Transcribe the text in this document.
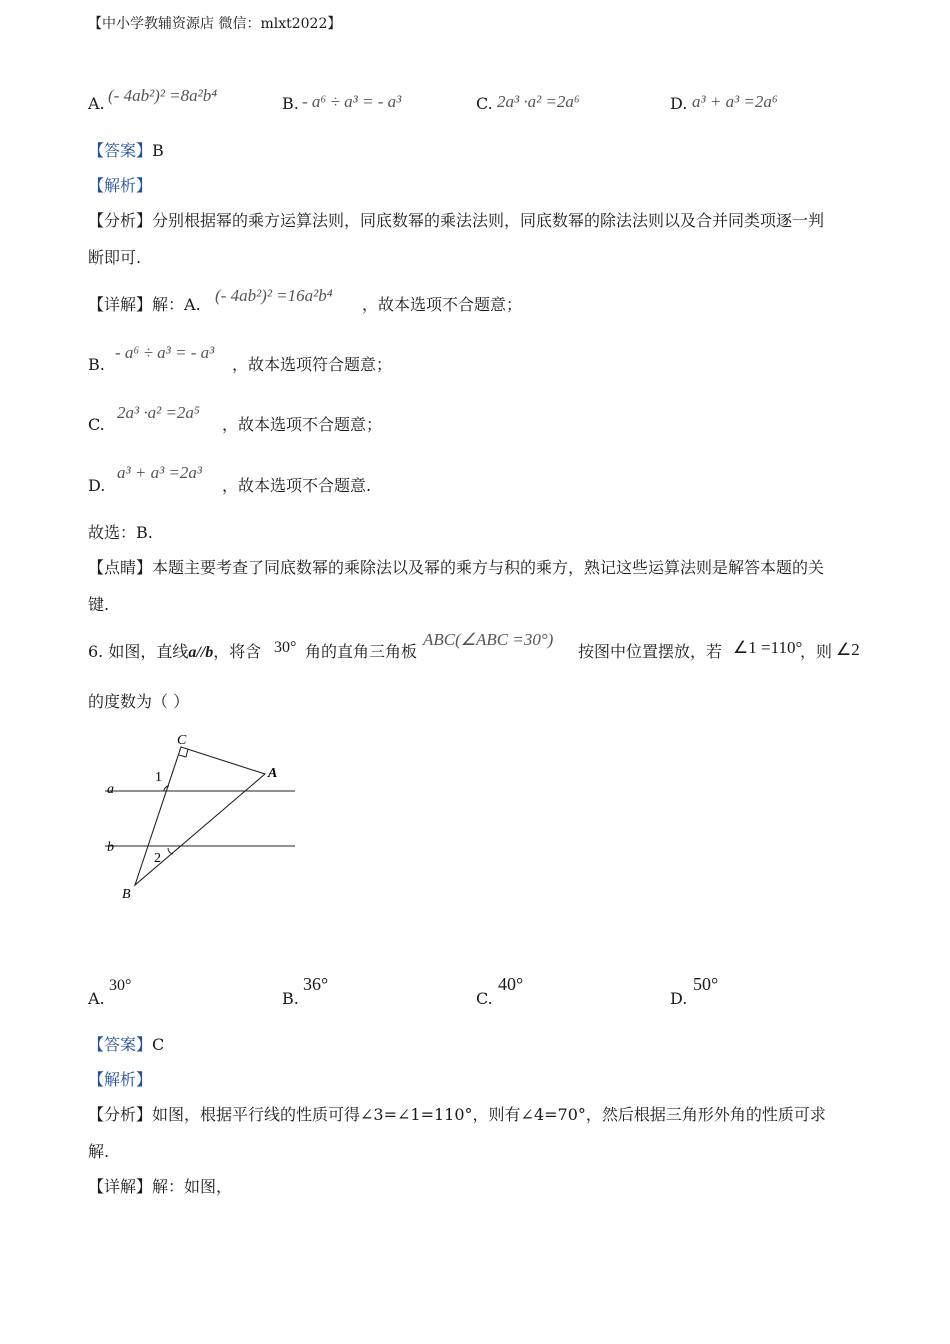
【中小学教辅资源店 微信：mlxt2022】
A. (- 4ab²)² =8a²b⁴	B. - a⁶ ÷ a³ = - a³	C. 2a³ ·a² =2a⁶	D. a³ + a³ =2a⁶
【答案】B
【解析】
【分析】分别根据幂的乘方运算法则，同底数幂的乘法法则，同底数幂的除法法则以及合并同类项逐一判
断即可.
【详解】解：A. (- 4ab²)² =16a²b⁴ ，故本选项不合题意；
B.
- a⁶ ÷ a³ = - a³
，故本选项符合题意；
C.
2a³ ·a² =2a⁵
，故本选项不合题意；
D.
a³ + a³ =2a³
，故本选项不合题意.
故选：B.
【点睛】本题主要考查了同底数幂的乘除法以及幂的乘方与积的乘方，熟记这些运算法则是解答本题的关
键.
6. 如图，直线a//b，将含 30° 角的直角三角板
ABC(∠ABC =30°)
按图中位置摆放，若 ∠1 =110°
，则 ∠2
的度数为（ ）
C
A
B
a
b
1
2
A.
30°
B.
36°
C.
40°
D.
50°
【答案】C
【解析】
【分析】如图，根据平行线的性质可得∠3=∠1=110°，则有∠4=70°，然后根据三角形外角的性质可求
解.
【详解】解：如图，
